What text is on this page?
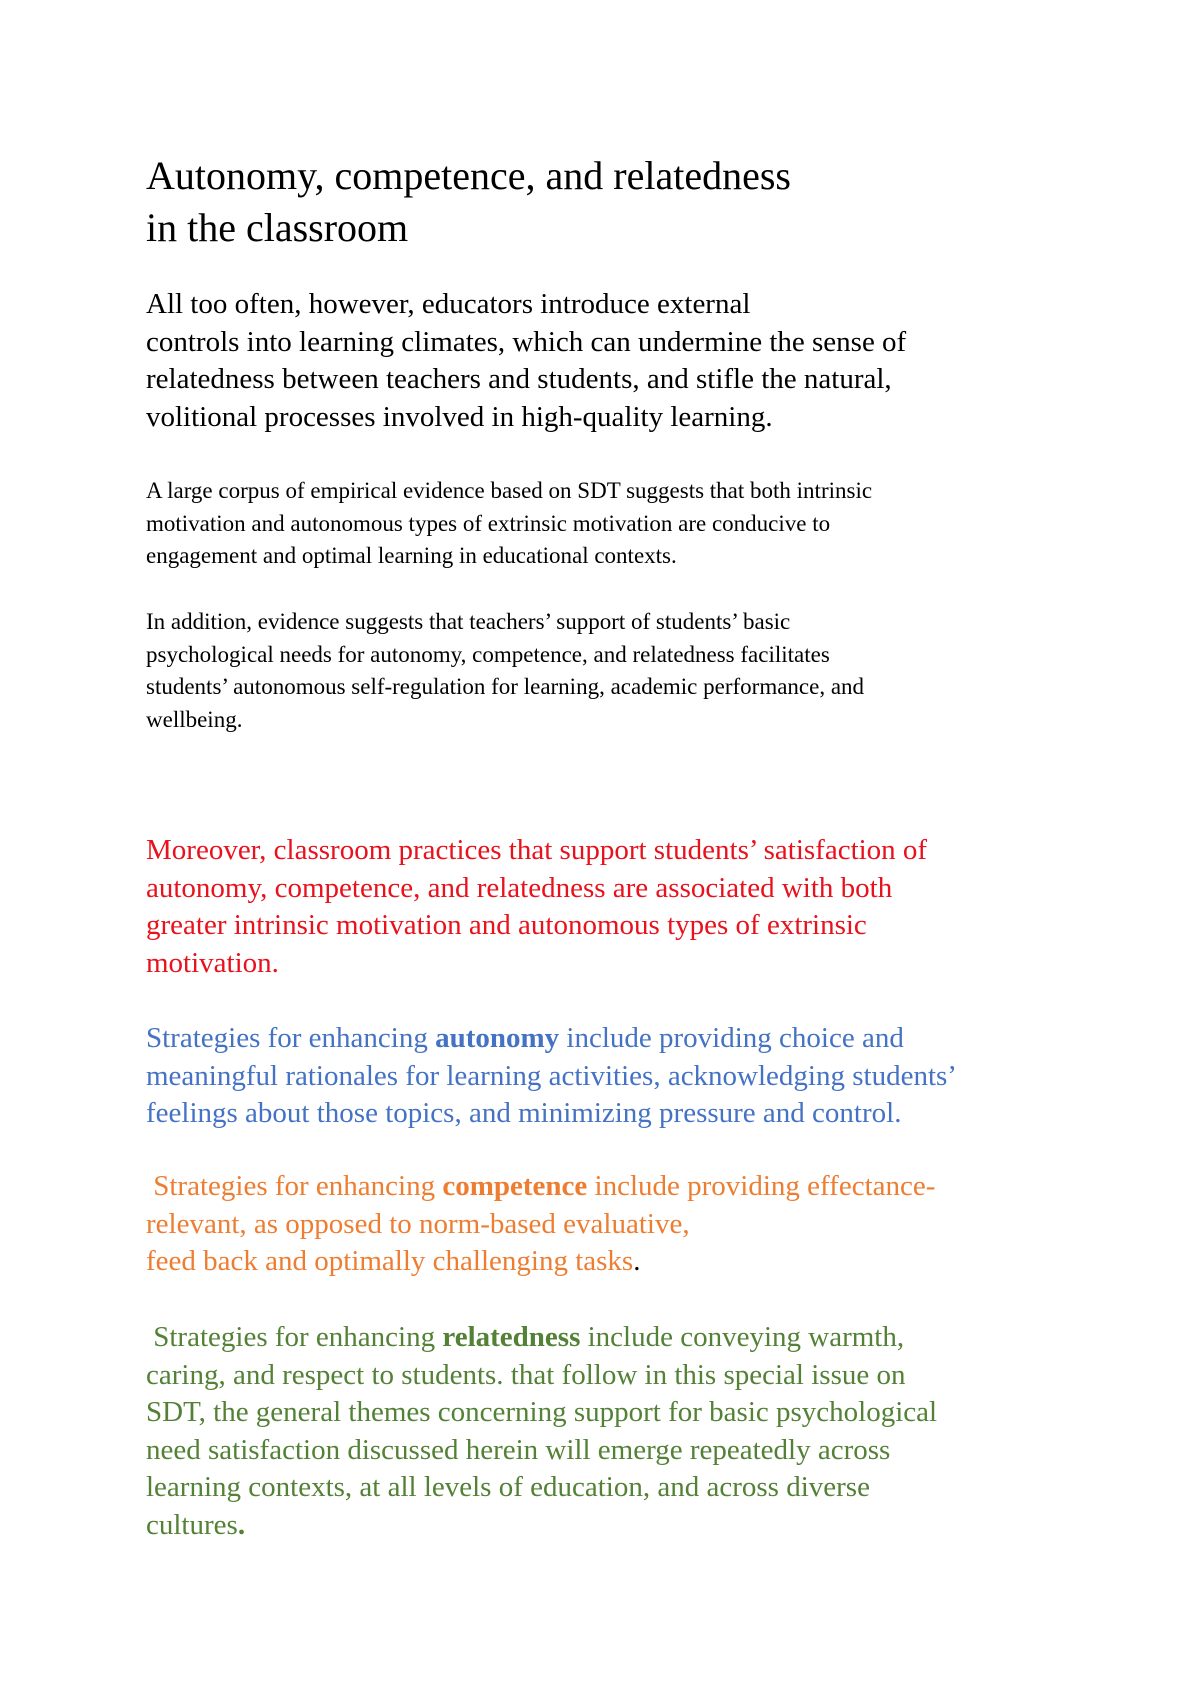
Autonomy, competence, and relatedness
in the classroom
All too often, however, educators introduce external
controls into learning climates, which can undermine the sense of
relatedness between teachers and students, and stifle the natural,
volitional processes involved in high-quality learning.
A large corpus of empirical evidence based on SDT suggests that both intrinsic
motivation and autonomous types of extrinsic motivation are conducive to
engagement and optimal learning in educational contexts.
In addition, evidence suggests that teachers’ support of students’ basic
psychological needs for autonomy, competence, and relatedness facilitates
students’ autonomous self-regulation for learning, academic performance, and
wellbeing.
Moreover, classroom practices that support students’ satisfaction of
autonomy, competence, and relatedness are associated with both
greater intrinsic motivation and autonomous types of extrinsic
motivation.
Strategies for enhancing autonomy include providing choice and
meaningful rationales for learning activities, acknowledging students’
feelings about those topics, and minimizing pressure and control.
Strategies for enhancing competence include providing effectance-
relevant, as opposed to norm-based evaluative,
feed back and optimally challenging tasks.
Strategies for enhancing relatedness include conveying warmth,
caring, and respect to students. that follow in this special issue on
SDT, the general themes concerning support for basic psychological
need satisfaction discussed herein will emerge repeatedly across
learning contexts, at all levels of education, and across diverse
cultures.
